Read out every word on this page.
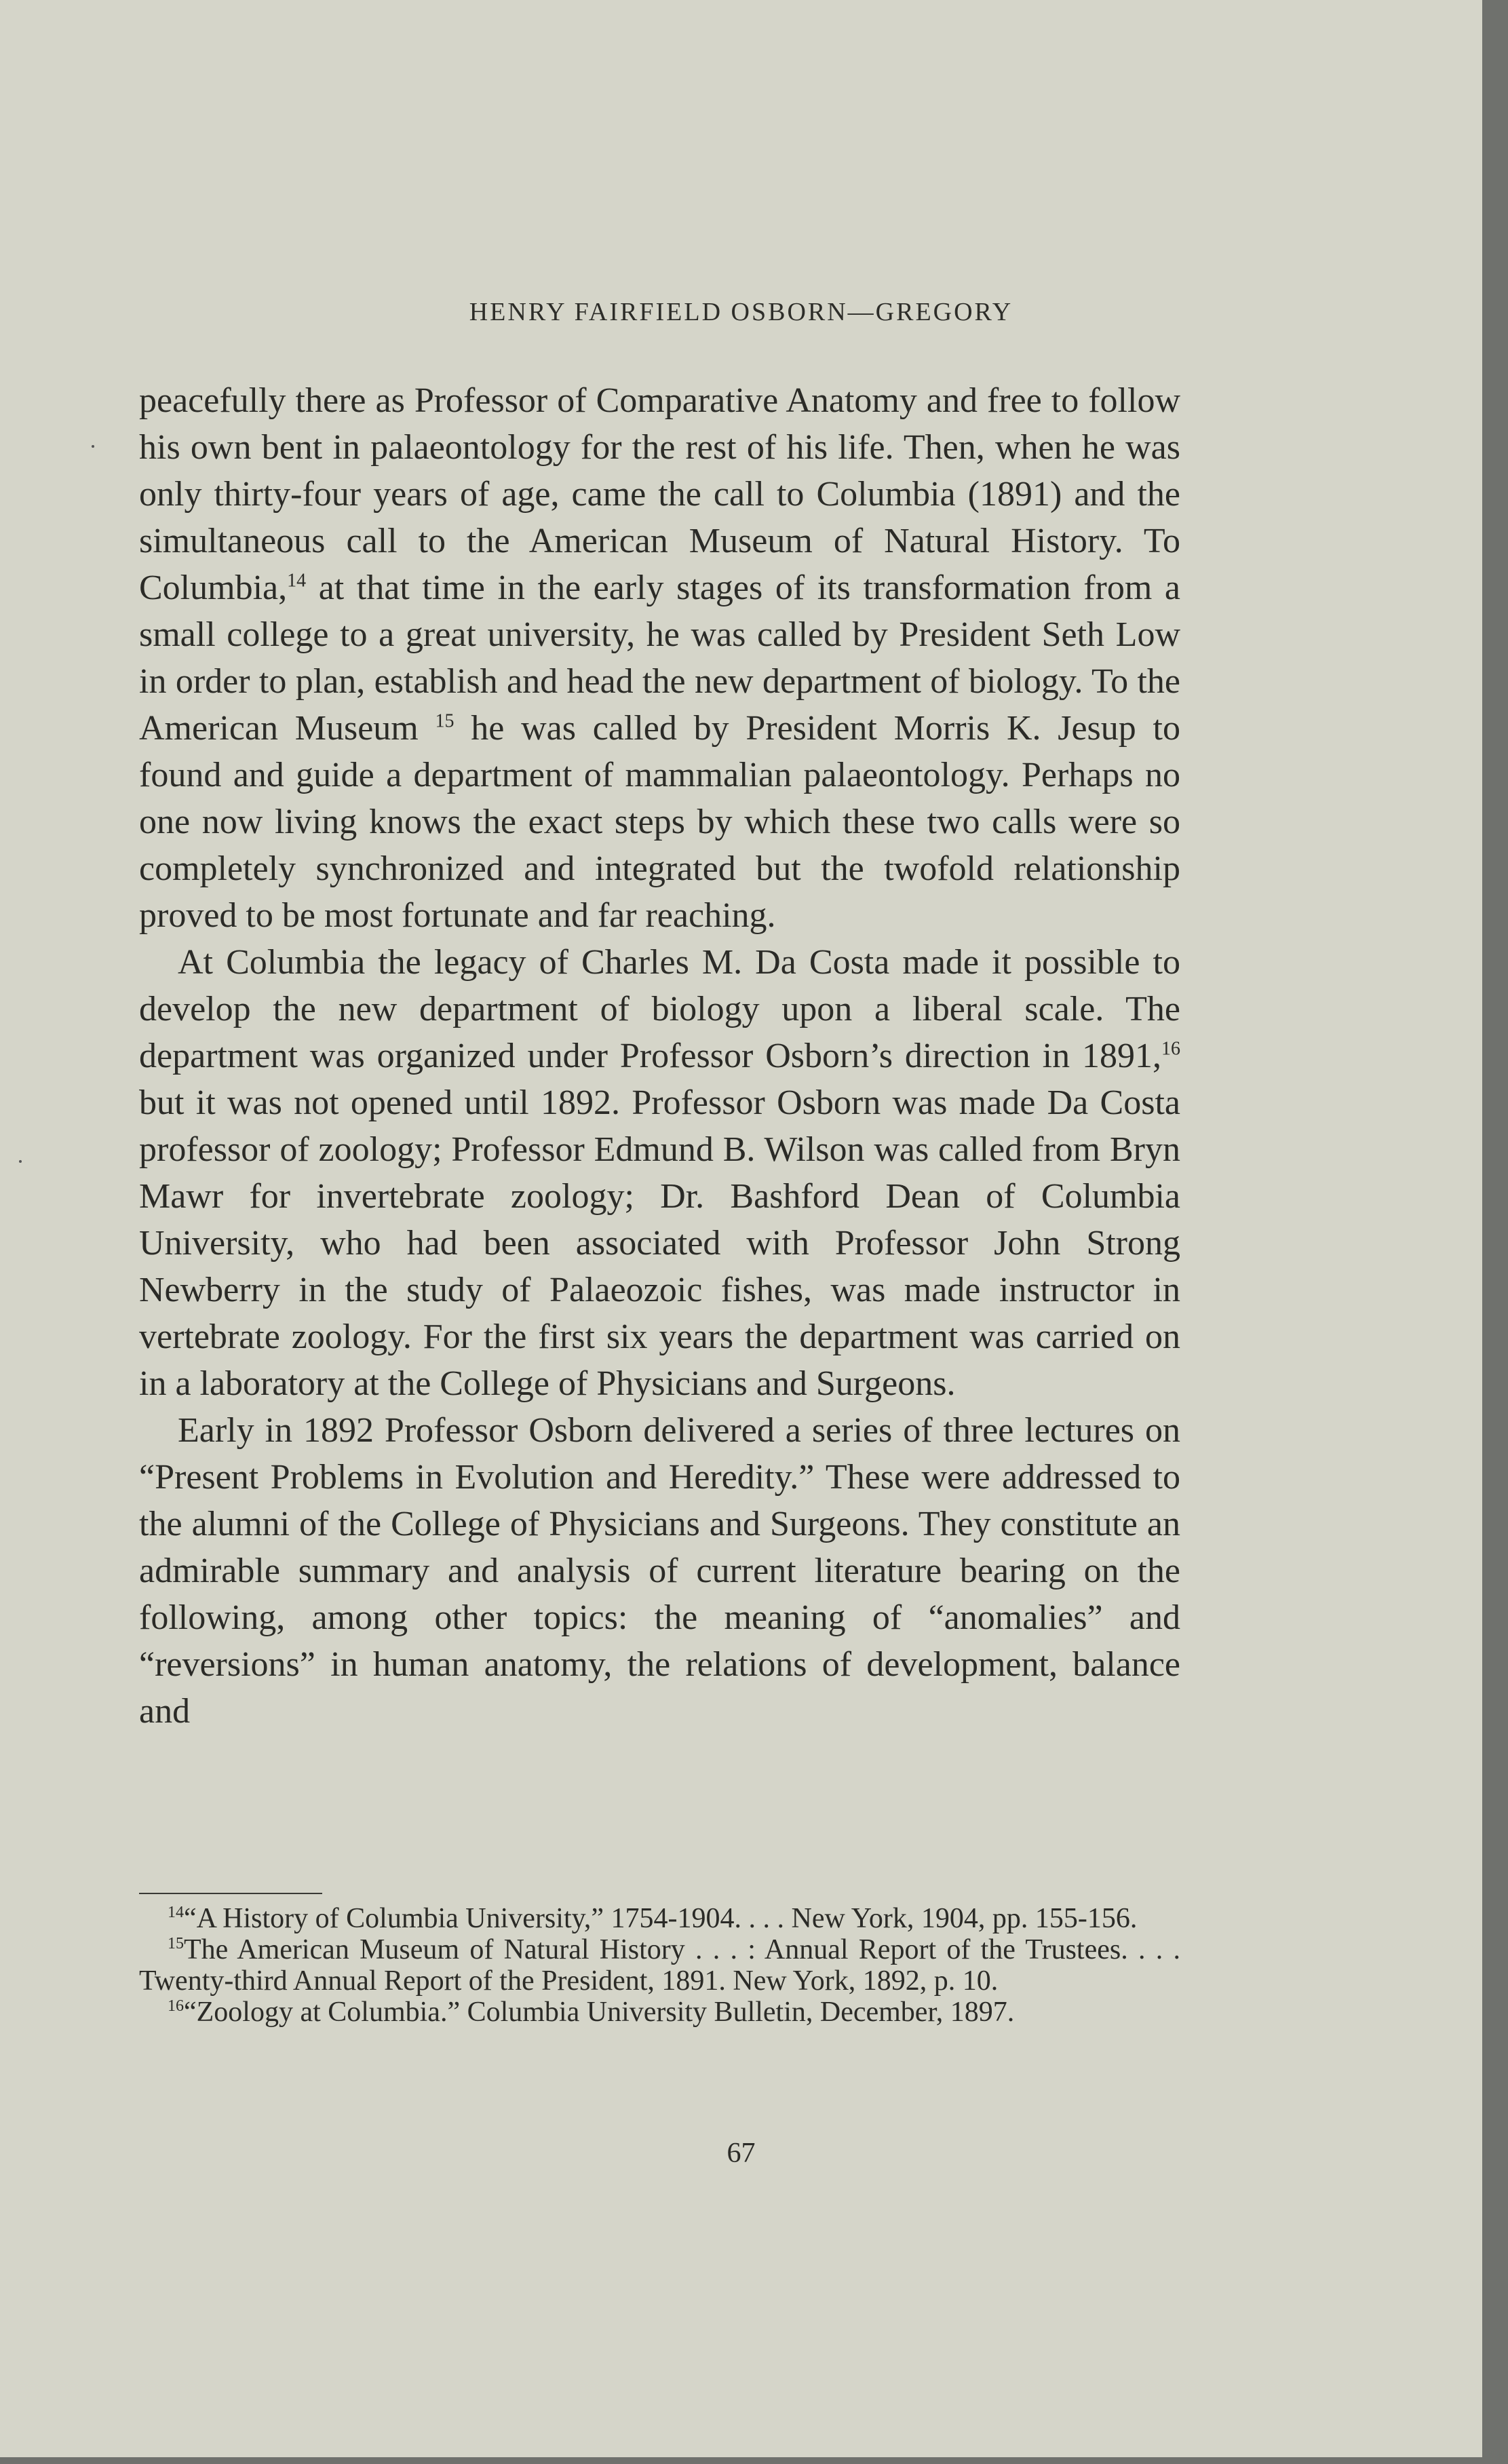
HENRY FAIRFIELD OSBORN—GREGORY

peacefully there as Professor of Comparative Anatomy and free to follow his own bent in palaeontology for the rest of his life. Then, when he was only thirty-four years of age, came the call to Columbia (1891) and the simultaneous call to the American Museum of Natural History. To Columbia,$^{14}$ at that time in the early stages of its transformation from a small college to a great university, he was called by President Seth Low in order to plan, establish and head the new department of biology. To the American Museum $^{15}$ he was called by President Morris K. Jesup to found and guide a department of mammalian palaeontology. Perhaps no one now living knows the exact steps by which these two calls were so completely synchronized and integrated but the twofold relationship proved to be most fortunate and far reaching.

At Columbia the legacy of Charles M. Da Costa made it possible to develop the new department of biology upon a liberal scale. The department was organized under Professor Osborn’s direction in 1891,16 but it was not opened until 1892. Professor Osborn was made Da Costa professor of zoology; Professor Edmund B. Wilson was called from Bryn Mawr for invertebrate zoology; Dr. Bashford Dean of Columbia University, who had been associated with Professor John Strong Newberry in the study of Palaeozoic fishes, was made instructor in vertebrate zoology. For the first six years the department was carried on in a laboratory at the College of Physicians and Surgeons.

Early in 1892 Professor Osborn delivered a series of three lectures on “Present Problems in Evolution and Heredity.” These were addressed to the alumni of the College of Physicians and Surgeons. They constitute an admirable summary and analysis of current literature bearing on the following, among other topics: the meaning of “anomalies” and “reversions” in human anatomy, the relations of development, balance and

$^{14}$“A History of Columbia University,” 1754-1904. . . . New York, 1904, pp. 155-156.

$^{15}$The American Museum of Natural History . . . : Annual Report of the Trustees. . . . Twenty-third Annual Report of the President, 1891. New York, 1892, p. 10.

$^{16}$“Zoology at Columbia.” Columbia University Bulletin, December, 1897.

67
